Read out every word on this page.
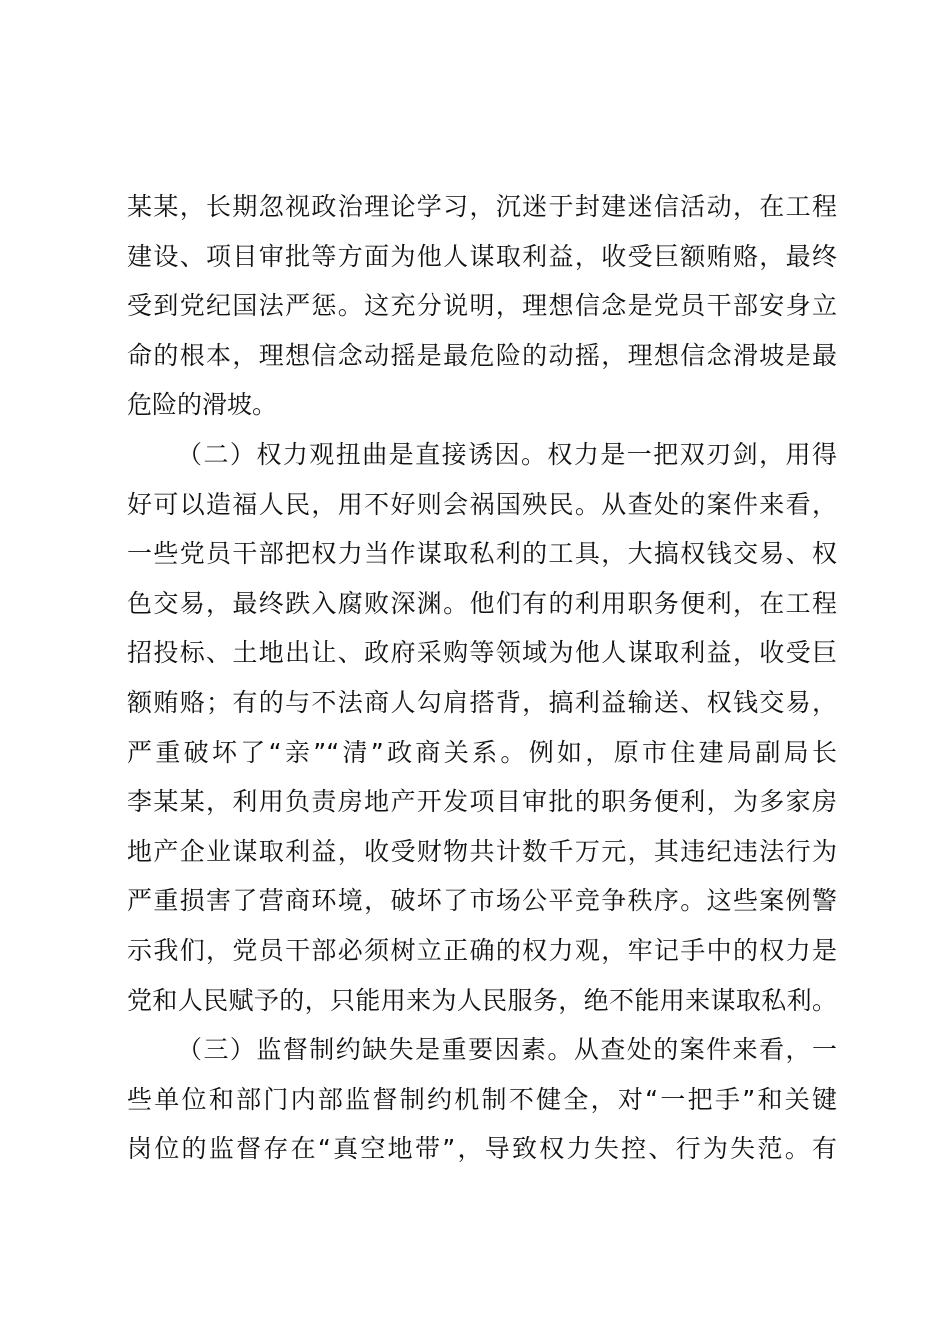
某某，长期忽视政治理论学习，沉迷于封建迷信活动，在工程
建设、项目审批等方面为他人谋取利益，收受巨额贿赂，最终
受到党纪国法严惩。这充分说明，理想信念是党员干部安身立
命的根本，理想信念动摇是最危险的动摇，理想信念滑坡是最
危险的滑坡。
（二）权力观扭曲是直接诱因。权力是一把双刃剑，用得
好可以造福人民，用不好则会祸国殃民。从查处的案件来看，
一些党员干部把权力当作谋取私利的工具，大搞权钱交易、权
色交易，最终跌入腐败深渊。他们有的利用职务便利，在工程
招投标、土地出让、政府采购等领域为他人谋取利益，收受巨
额贿赂；有的与不法商人勾肩搭背，搞利益输送、权钱交易，
严重破坏了“亲”“清”政商关系。例如，原市住建局副局长
李某某，利用负责房地产开发项目审批的职务便利，为多家房
地产企业谋取利益，收受财物共计数千万元，其违纪违法行为
严重损害了营商环境，破坏了市场公平竞争秩序。这些案例警
示我们，党员干部必须树立正确的权力观，牢记手中的权力是
党和人民赋予的，只能用来为人民服务，绝不能用来谋取私利。
（三）监督制约缺失是重要因素。从查处的案件来看，一
些单位和部门内部监督制约机制不健全，对“一把手”和关键
岗位的监督存在“真空地带”，导致权力失控、行为失范。有
